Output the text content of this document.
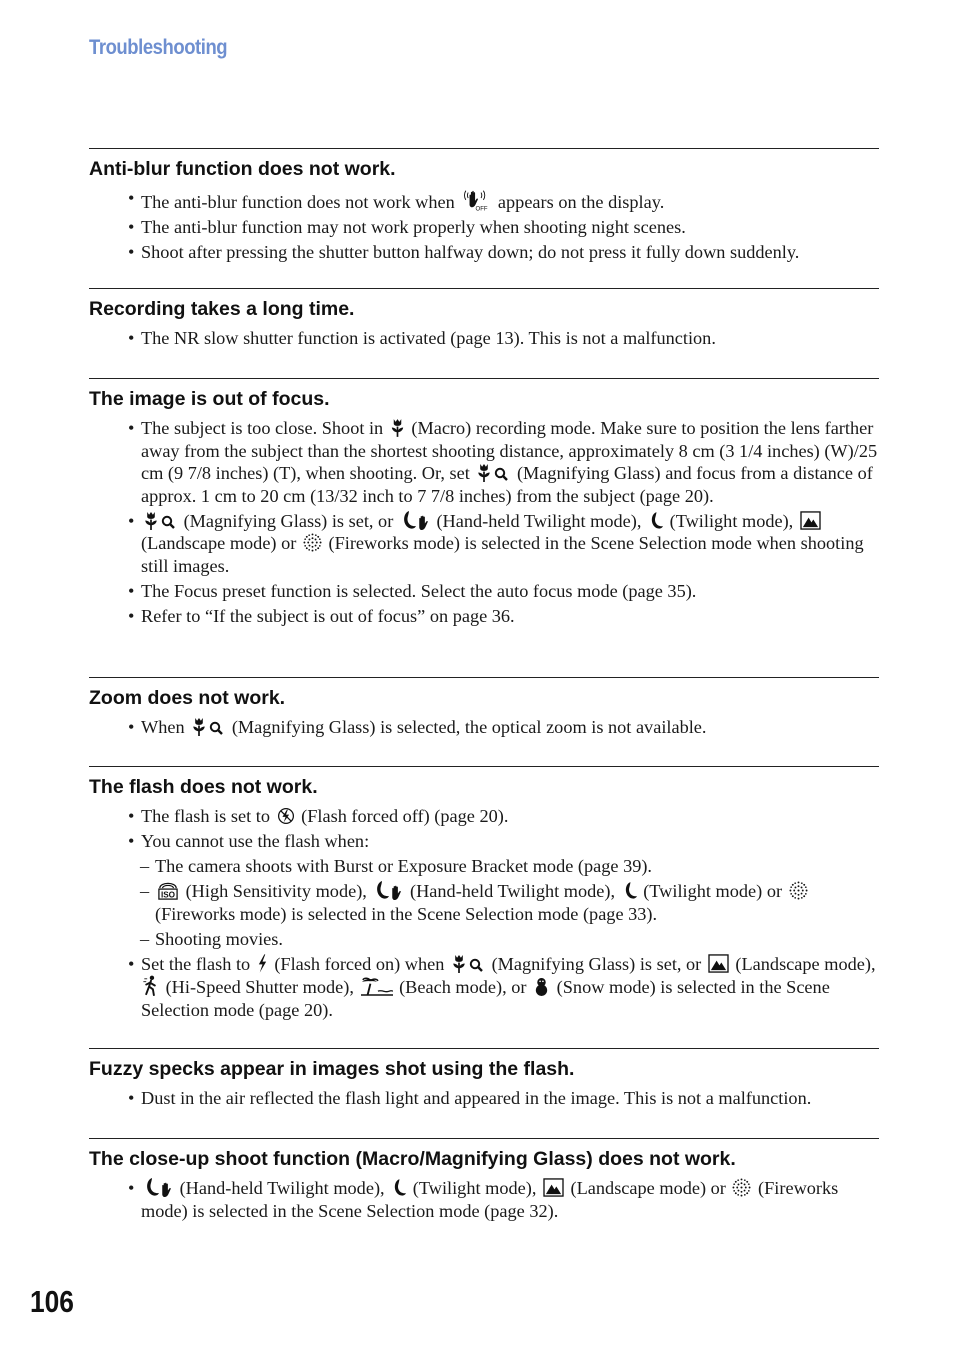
Troubleshooting
Anti-blur function does not work.
• The anti-blur function does not work when appears on the display.
• The anti-blur function may not work properly when shooting night scenes.
• Shoot after pressing the shutter button halfway down; do not press it fully down suddenly.
Recording takes a long time.
• The NR slow shutter function is activated (page 13). This is not a malfunction.
The image is out of focus.
• The subject is too close. Shoot in (Macro) recording mode. Make sure to position the lens farther away from the subject than the shortest shooting distance, approximately 8 cm (3 1/4 inches) (W)/25 cm (9 7/8 inches) (T), when shooting. Or, set	(Magnifying Glass) and focus from a distance of approx. 1 cm to 20 cm (13/32 inch to 7 7/8 inches) from the subject (page 20).
•	(Magnifying Glass) is set, or (Hand-held Twilight mode), (Twilight mode),
(Landscape mode) or (Fireworks mode) is selected in the Scene Selection mode when shooting still images.
• The Focus preset function is selected. Select the auto focus mode (page 35).
• Refer to “If the subject is out of focus” on page 36.
Zoom does not work.
• When	(Magnifying Glass) is selected, the optical zoom is not available.
The flash does not work.
• The flash is set to (Flash forced off) (page 20).
• You cannot use the flash when:
– The camera shoots with Burst or Exposure Bracket mode (page 39).
– (High Sensitivity mode), (Hand-held Twilight mode), (Twilight mode) or
(Fireworks mode) is selected in the Scene Selection mode (page 33).
– Shooting movies.
• Set the flash to (Flash forced on) when	(Magnifying Glass) is set, or (Landscape mode),
(Hi-Speed Shutter mode), (Beach mode), or (Snow mode) is selected in the Scene Selection mode (page 20).
Fuzzy specks appear in images shot using the flash.
• Dust in the air reflected the flash light and appeared in the image. This is not a malfunction.
The close-up shoot function (Macro/Magnifying Glass) does not work.
• (Hand-held Twilight mode), (Twilight mode), (Landscape mode) or (Fireworks mode) is selected in the Scene Selection mode (page 32).
106
